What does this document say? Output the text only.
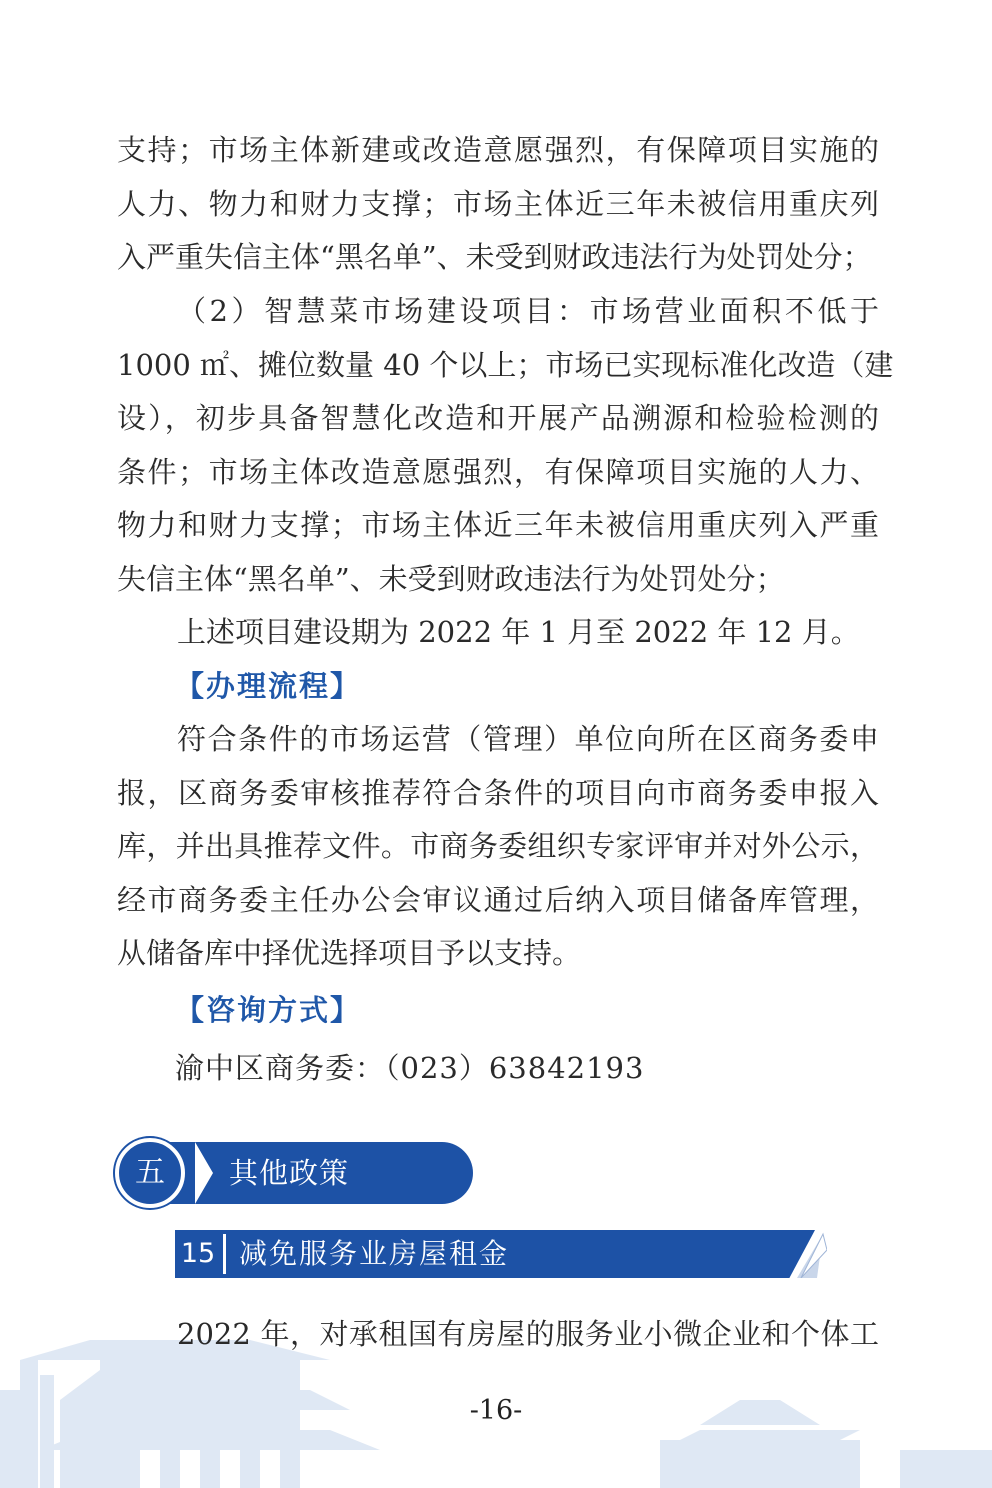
支持；市场主体新建或改造意愿强烈，有保障项目实施的
人力、物力和财力支撑；市场主体近三年未被信用重庆列
入严重失信主体“黑名单”、未受到财政违法行为处罚处分；
（2）智慧菜市场建设项目：市场营业面积不低于
1000 ㎡、摊位数量 40 个以上；市场已实现标准化改造（建
设），初步具备智慧化改造和开展产品溯源和检验检测的
条件；市场主体改造意愿强烈，有保障项目实施的人力、
物力和财力支撑；市场主体近三年未被信用重庆列入严重
失信主体“黑名单”、未受到财政违法行为处罚处分；
上述项目建设期为 2022 年 1 月至 2022 年 12 月。
【办理流程】
符合条件的市场运营（管理）单位向所在区商务委申
报，区商务委审核推荐符合条件的项目向市商务委申报入
库，并出具推荐文件。市商务委组织专家评审并对外公示，
经市商务委主任办公会审议通过后纳入项目储备库管理，
从储备库中择优选择项目予以支持。
【咨询方式】
渝中区商务委：（023）63842193
五	其他政策
15 减免服务业房屋租金
2022 年，对承租国有房屋的服务业小微企业和个体工
-16-
